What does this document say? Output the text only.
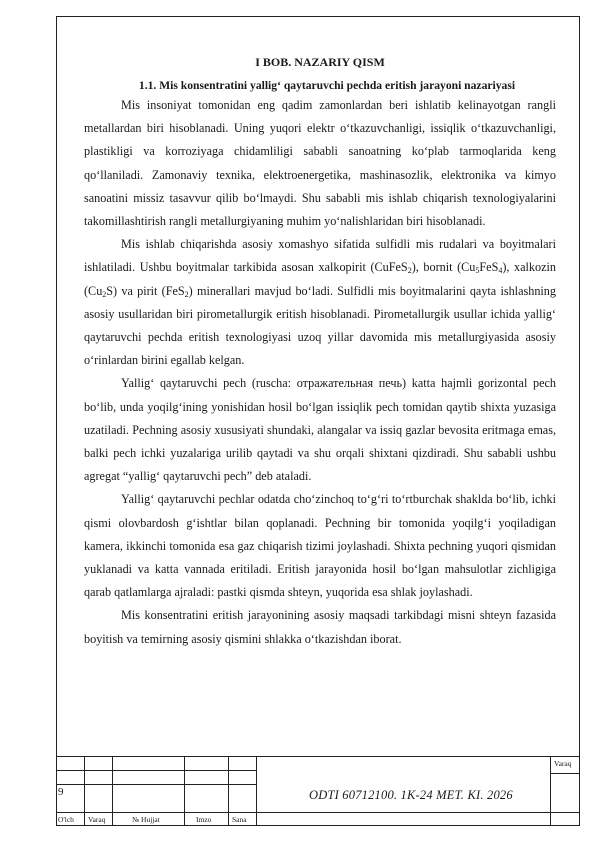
I BOB. NAZARIY QISM
1.1. Mis konsentratini yallig‘ qaytaruvchi pechda eritish jarayoni nazariyasi

Mis insoniyat tomonidan eng qadim zamonlardan beri ishlatib kelinayotgan rangli metallardan biri hisoblanadi. Uning yuqori elektr o‘tkazuvchanligi, issiqlik o‘tkazuvchanligi, plastikligi va korroziyaga chidamliligi sababli sanoatning ko‘plab tarmoqlarida keng qo‘llaniladi. Zamonaviy texnika, elektroenergetika, mashinasozlik, elektronika va kimyo sanoatini missiz tasavvur qilib bo‘lmaydi. Shu sababli mis ishlab chiqarish texnologiyalarini takomillashtirish rangli metallurgiyaning muhim yo‘nalishlaridan biri hisoblanadi.

Mis ishlab chiqarishda asosiy xomashyo sifatida sulfidli mis rudalari va boyitmalari ishlatiladi. Ushbu boyitmalar tarkibida asosan xalkopirit (CuFeS$_2$), bornit $(Cu_5FeS_4)$, xalkozin $(Cu_2S)$ va pirit (FeS$_2$) minerallari mavjud bo‘ladi. Sulfidli mis boyitmalarini qayta ishlashning asosiy usullaridan biri pirometallurgik eritish hisoblanadi. Pirometallurgik usullar ichida yallig‘ qaytaruvchi pechda eritish texnologiyasi uzoq yillar davomida mis metallurgiyasida asosiy o‘rinlardan birini egallab kelgan.

Yallig‘ qaytaruvchi pech (ruscha: отражательная печь) katta hajmli gorizontal pech bo‘lib, unda yoqilg‘ining yonishidan hosil bo‘lgan issiqlik pech tomidan qaytib shixta yuzasiga uzatiladi. Pechning asosiy xususiyati shundaki, alangalar va issiq gazlar bevosita eritmaga emas, balki pech ichki yuzalariga urilib qaytadi va shu orqali shixtani qizdiradi. Shu sababli ushbu agregat “yallig‘ qaytaruvchi pech” deb ataladi.

Yallig‘ qaytaruvchi pechlar odatda cho‘zinchoq to‘g‘ri to‘rtburchak shaklda bo‘lib, ichki qismi olovbardosh g‘ishtlar bilan qoplanadi. Pechning bir tomonida yoqilg‘i yoqiladigan kamera, ikkinchi tomonida esa gaz chiqarish tizimi joylashadi. Shixta pechning yuqori qismidan yuklanadi va katta vannada eritiladi. Eritish jarayonida hosil bo‘lgan mahsulotlar zichligiga qarab qatlamlarga ajraladi: pastki qismda shteyn, yuqorida esa shlak joylashadi.

Mis konsentratini eritish jarayonining asosiy maqsadi tarkibdagi misni shteyn fazasida boyitish va temirning asosiy qismini shlakka o‘tkazishdan iborat.

9	ODTI 60712100. 1K-24 MET. KI. 2026
Varaq
O'lch Varaq	№ Hujjat	Imzo	Sana
